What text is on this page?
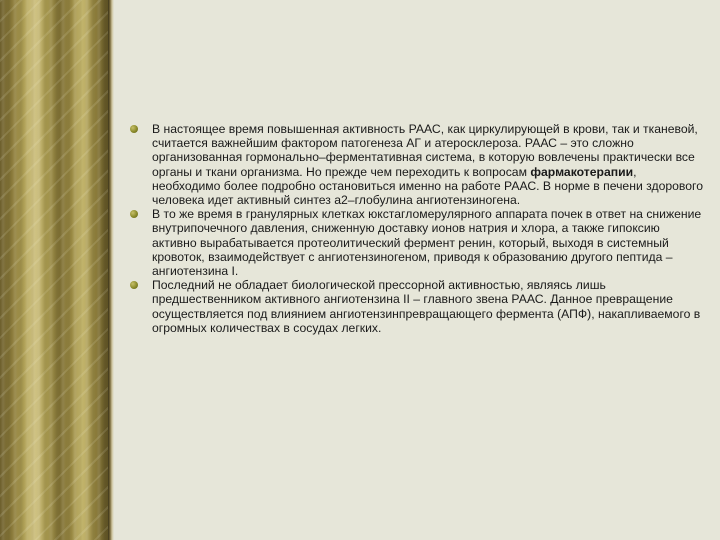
В настоящее время повышенная активность РААС, как циркулирующей в крови, так и тканевой, считается важнейшим фактором патогенеза АГ и атеросклероза. РААС – это сложно организованная гормонально–ферментативная система, в которую вовлечены практически все органы и ткани организма. Но прежде чем переходить к вопросам фармакотерапии, необходимо более подробно остановиться именно на работе РААС. В норме в печени здорового человека идет активный синтез а2–глобулина ангиотензиногена.
В то же время в гранулярных клетках юкстагломерулярного аппарата почек в ответ на снижение внутрипочечного давления, сниженную доставку ионов натрия и хлора, а также гипоксию активно вырабатывается протеолитический фермент ренин, который, выходя в системный кровоток, взаимодействует с ангиотензиногеном, приводя к образованию другого пептида – ангиотензина I.
Последний не обладает биологической прессорной активностью, являясь лишь предшественником активного ангиотензина II – главного звена РААС. Данное превращение осуществляется под влиянием ангиотензинпревращающего фермента (АПФ), накапливаемого в огромных количествах в сосудах легких.
